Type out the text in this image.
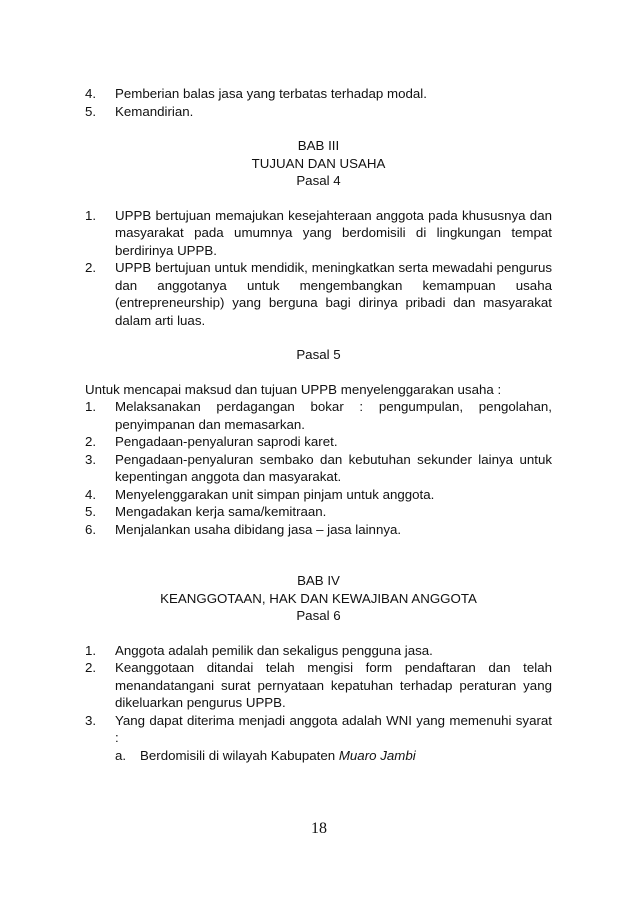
4.	Pemberian balas jasa yang terbatas terhadap modal.
5.	Kemandirian.
BAB III
TUJUAN DAN USAHA
Pasal 4
1.	UPPB bertujuan memajukan kesejahteraan anggota pada khususnya dan masyarakat pada umumnya yang berdomisili di lingkungan tempat berdirinya UPPB.
2.	UPPB bertujuan untuk mendidik, meningkatkan serta mewadahi pengurus dan anggotanya untuk mengembangkan kemampuan usaha (entrepreneurship) yang berguna bagi dirinya pribadi dan masyarakat dalam arti luas.
Pasal 5
Untuk mencapai maksud dan tujuan UPPB menyelenggarakan usaha :
1.	Melaksanakan perdagangan bokar : pengumpulan, pengolahan, penyimpanan dan memasarkan.
2.	Pengadaan-penyaluran saprodi karet.
3.	Pengadaan-penyaluran sembako dan kebutuhan sekunder lainya untuk kepentingan anggota dan masyarakat.
4.	Menyelenggarakan unit simpan pinjam untuk anggota.
5.	Mengadakan kerja sama/kemitraan.
6.	Menjalankan usaha dibidang jasa – jasa lainnya.
BAB IV
KEANGGOTAAN, HAK DAN KEWAJIBAN ANGGOTA
Pasal 6
1.	Anggota adalah pemilik dan sekaligus pengguna jasa.
2.	Keanggotaan ditandai telah mengisi form pendaftaran dan telah menandatangani surat pernyataan kepatuhan terhadap peraturan yang dikeluarkan pengurus UPPB.
3.	Yang dapat diterima menjadi anggota adalah WNI yang memenuhi syarat :
a.	Berdomisili di wilayah Kabupaten Muaro Jambi
18
